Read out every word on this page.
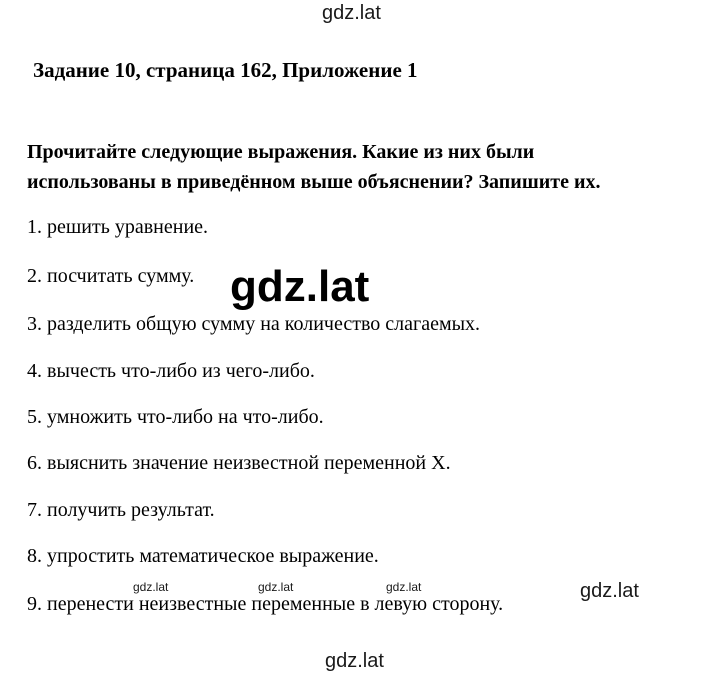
gdz.lat
Задание 10, страница 162, Приложение 1
Прочитайте следующие выражения. Какие из них были
использованы в приведённом выше объяснении? Запишите их.
1. решить уравнение.
2. посчитать сумму.
3. разделить общую сумму на количество слагаемых.
4. вычесть что-либо из чего-либо.
5. умножить что-либо на что-либо.
6. выяснить значение неизвестной переменной X.
7. получить результат.
8. упростить математическое выражение.
9. перенести неизвестные переменные в левую сторону.
gdz.lat
gdz.lat	gdz.lat	gdz.lat	gdz.lat
gdz.lat
